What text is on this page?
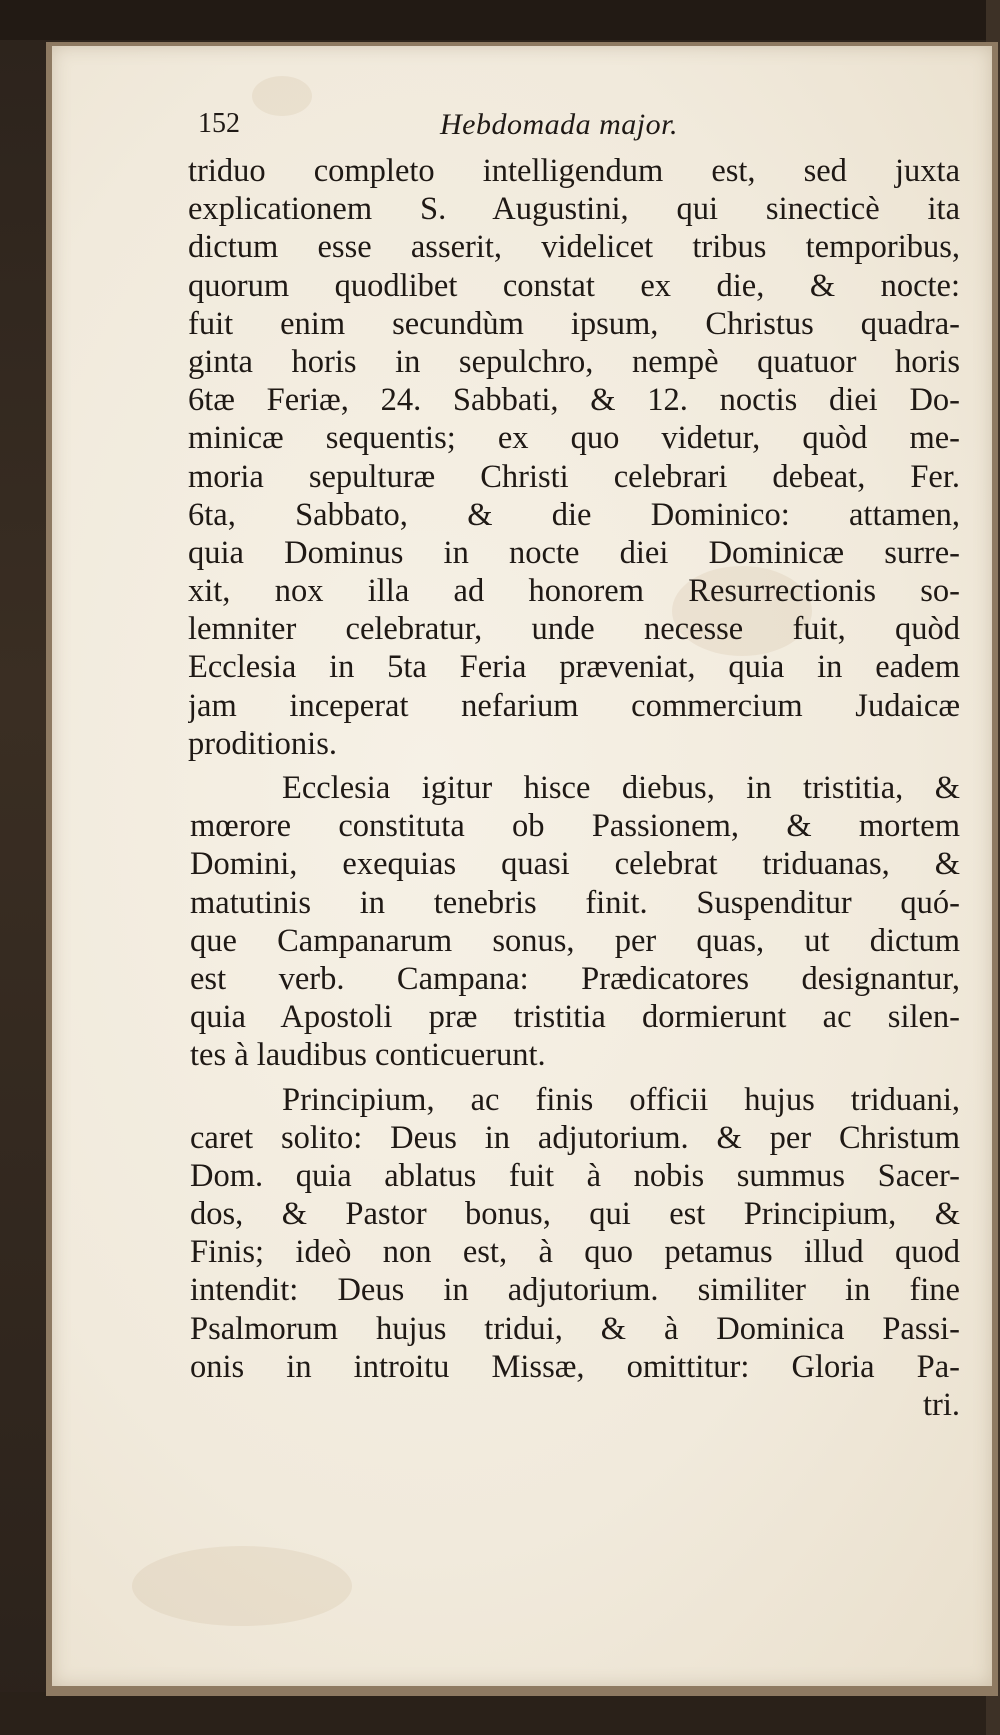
152	Hebdomada major.
triduo completo intelligendum est, sed juxta
explicationem S. Augustini, qui sinecticè ita
dictum esse asserit, videlicet tribus temporibus,
quorum quodlibet constat ex die, & nocte:
fuit enim secundùm ipsum, Christus quadra-
ginta horis in sepulchro, nempè quatuor horis
6tæ Feriæ, 24. Sabbati, & 12. noctis diei Do-
minicæ sequentis; ex quo videtur, quòd me-
moria sepulturæ Christi celebrari debeat, Fer.
6ta, Sabbato, & die Dominico: attamen,
quia Dominus in nocte diei Dominicæ surre-
xit, nox illa ad honorem Resurrectionis so-
lemniter celebratur, unde necesse fuit, quòd
Ecclesia in 5ta Feria præveniat, quia in eadem
jam inceperat nefarium commercium Judaicæ
proditionis.
Ecclesia igitur hisce diebus, in tristitia, &
mœrore constituta ob Passionem, & mortem
Domini, exequias quasi celebrat triduanas, &
matutinis in tenebris finit. Suspenditur quó-
que Campanarum sonus, per quas, ut dictum
est verb. Campana: Prædicatores designantur,
quia Apostoli præ tristitia dormierunt ac silen-
tes à laudibus conticuerunt.
Principium, ac finis officii hujus triduani,
caret solito: Deus in adjutorium. & per Christum
Dom. quia ablatus fuit à nobis summus Sacer-
dos, & Pastor bonus, qui est Principium, &
Finis; ideò non est, à quo petamus illud quod
intendit: Deus in adjutorium. similiter in fine
Psalmorum hujus tridui, & à Dominica Passi-
onis in introitu Missæ, omittitur: Gloria Pa-
tri.
